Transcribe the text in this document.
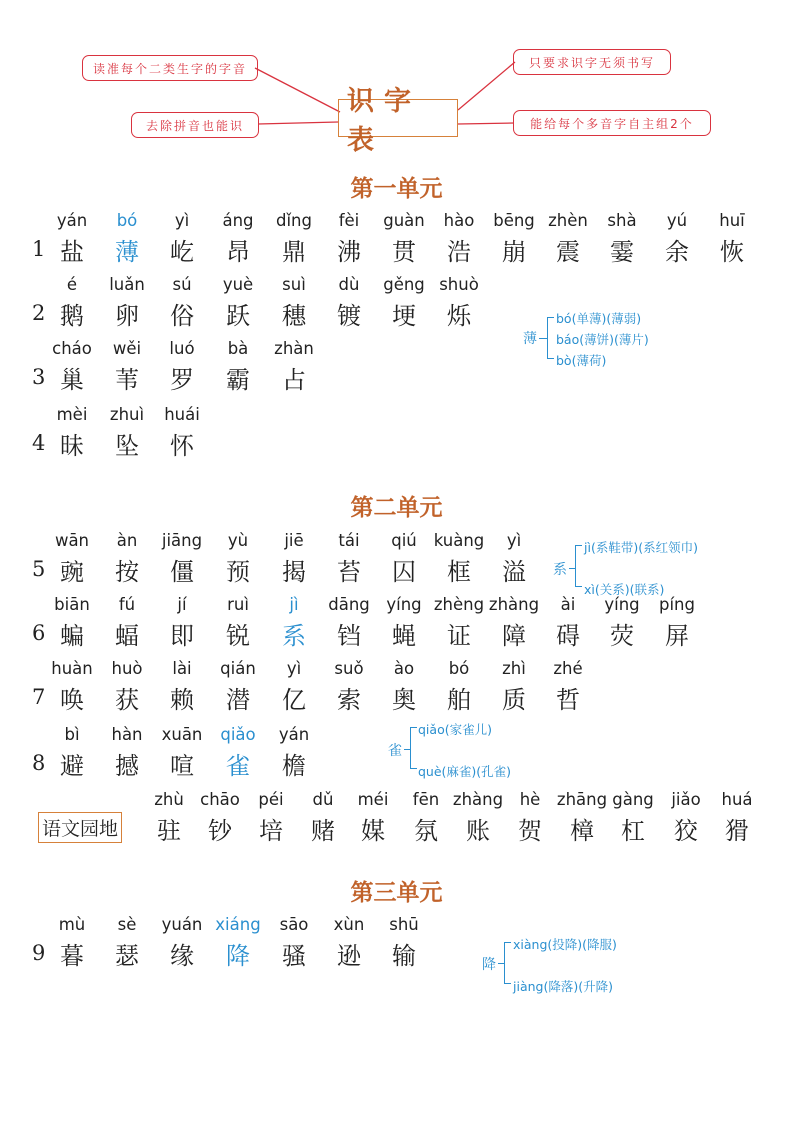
读准每个二类生字的字音
去除拼音也能识
只要求识字无须书写
能给每个多音字自主组2个
识字表
第一单元
第二单元
第三单元
1
yán
盐
bó
薄
yì
屹
áng
昂
dǐng
鼎
fèi
沸
guàn
贯
hào
浩
bēng
崩
zhèn
震
shà
霎
yú
余
huī
恢
2
é
鹅
luǎn
卵
sú
俗
yuè
跃
suì
穗
dù
镀
gěng
埂
shuò
烁
3
cháo
巢
wěi
苇
luó
罗
bà
霸
zhàn
占
4
mèi
昧
zhuì
坠
huái
怀
5
wān
豌
àn
按
jiāng
僵
yù
预
jiē
揭
tái
苔
qiú
囚
kuàng
框
yì
溢
6
biān
蝙
fú
蝠
jí
即
ruì
锐
jì
系
dāng
铛
yíng
蝇
zhèng
证
zhàng
障
ài
碍
yíng
荧
píng
屏
7
huàn
唤
huò
获
lài
赖
qián
潜
yì
亿
suǒ
索
ào
奥
bó
舶
zhì
质
zhé
哲
8
bì
避
hàn
撼
xuān
喧
qiǎo
雀
yán
檐
语文园地
zhù
驻
chāo
钞
péi
培
dǔ
赌
méi
媒
fēn
氛
zhàng
账
hè
贺
zhāng
樟
gàng
杠
jiǎo
狡
huá
猾
9
mù
暮
sè
瑟
yuán
缘
xiáng
降
sāo
骚
xùn
逊
shū
输
薄
bó(单薄)(薄弱)
báo(薄饼)(薄片)
bò(薄荷)
系
jì(系鞋带)(系红领巾)
xì(关系)(联系)
雀
qiǎo(家雀儿)
què(麻雀)(孔雀)
降
xiàng(投降)(降服)
jiàng(降落)(升降)
